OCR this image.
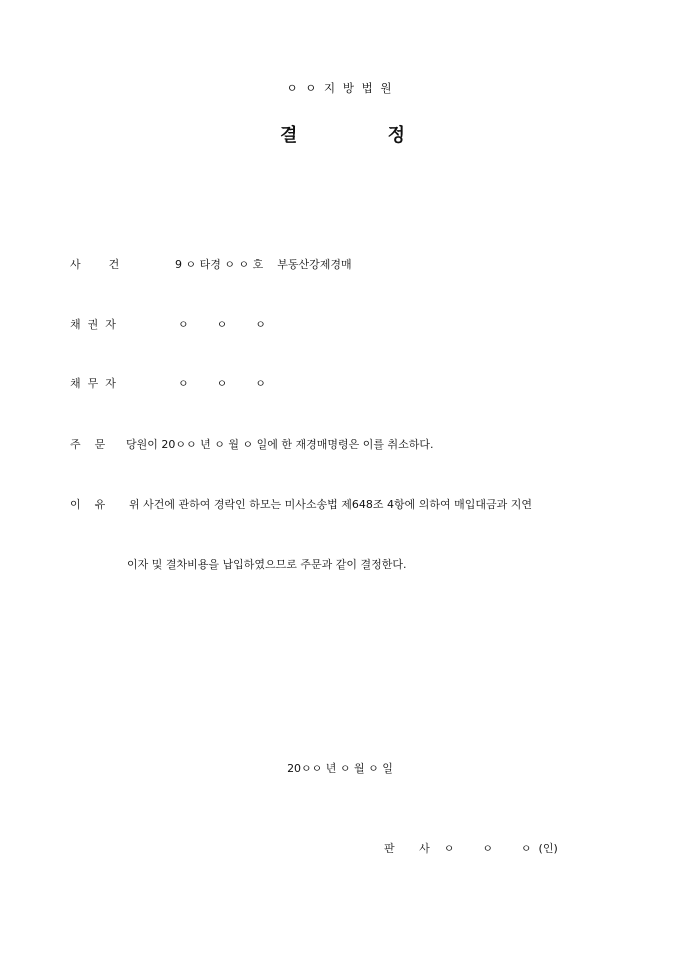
ㅇ ㅇ 지 방 법 원
결	정
사        건	9 ㅇ 타경 ㅇ ㅇ 호    부동산강제경매
채  권  자	ㅇ        ㅇ        ㅇ
채  무  자	ㅇ        ㅇ        ㅇ
주    문 당원이 20ㅇㅇ 년 ㅇ 월 ㅇ 일에 한 재경매명령은 이를 취소하다.
이    유 위 사건에 관하여 경락인 하모는 미사소송법 제648조 4항에 의하여 매입대금과 지연
이자 및 결차비용을 납입하였으므로 주문과 같이 결정한다.
20ㅇㅇ 년 ㅇ 월 ㅇ 일
판       사    ㅇ        ㅇ        ㅇ  (인)
